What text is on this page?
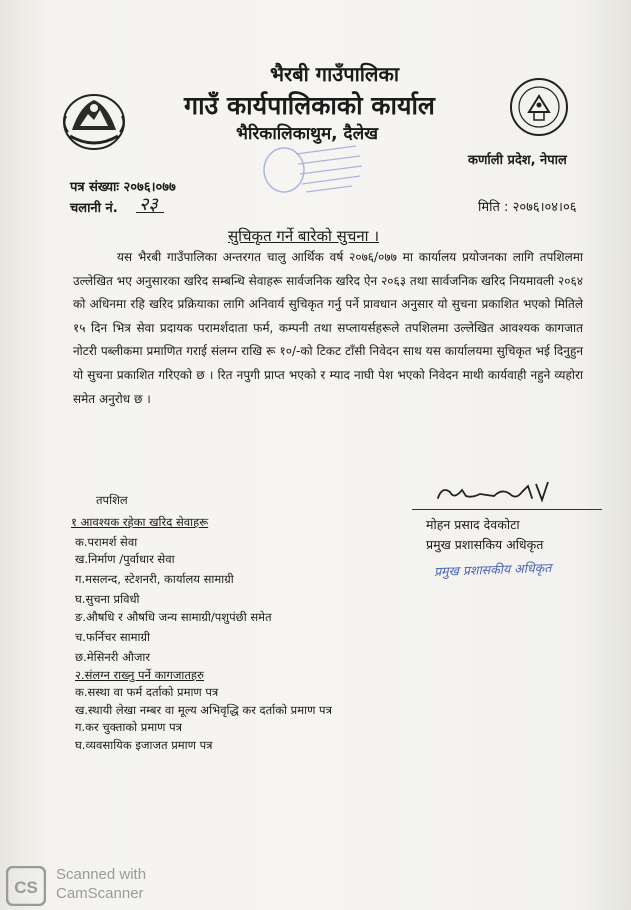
भैरबी गाउँपालिका
गाउँ कार्यपालिकाको कार्याल
भैरिकालिकाथुम, दैलेख
कर्णाली प्रदेश, नेपाल
पत्र संख्याः २०७६।०७७
चलानी नं. २३	मिति : २०७६।०४।०६
सुचिकृत गर्ने बारेको सुचना ।
यस भैरबी गाउँपालिका अन्तरगत चालु आर्थिक वर्ष २०७६/०७७ मा कार्यालय प्रयोजनका लागि तपशिलमा उल्लेखित भए अनुसारका खरिद सम्बन्धि सेवाहरू सार्वजनिक खरिद ऐन २०६३ तथा सार्वजनिक खरिद नियमावली २०६४ को अधिनमा रहि खरिद प्रक्रियाका लागि अनिवार्य सुचिकृत गर्नु पर्ने प्रावधान अनुसार यो सुचना प्रकाशित भएको मितिले १५ दिन भित्र सेवा प्रदायक परामर्शदाता फर्म, कम्पनी तथा सप्लायर्सहरूले तपशिलमा उल्लेखित आवश्यक कागजात नोटरी पब्लीकमा प्रमाणित गराई संलग्न राखि रू १०/-को टिकट टाँसी निवेदन साथ यस कार्यालयमा सुचिकृत भई दिनुहुन यो सुचना प्रकाशित गरिएको छ । रित नपुगी प्राप्त भएको र म्याद नाघी पेश भएको निवेदन माथी कार्यवाही नहुने व्यहोरा समेत अनुरोध छ ।
तपशिल
१ आवश्यक रहेका खरिद सेवाहरू
क.परामर्श सेवा
ख.निर्माण /पुर्वाधार सेवा
ग.मसलन्द, स्टेशनरी, कार्यालय सामाग्री
घ.सुचना प्रविधी
ङ.औषधि र औषधि जन्य सामाग्री/पशुपंछी समेत
च.फर्निचर सामाग्री
छ.मेसिनरी औजार
२.संलग्न राख्नु पर्ने कागजातहरु
क.सस्था वा फर्म दर्ताको प्रमाण पत्र
ख.स्थायी लेखा नम्बर वा मूल्य अभिवृद्धि कर दर्ताको प्रमाण पत्र
ग.कर चुक्ताको प्रमाण पत्र
घ.व्यवसायिक इजाजत प्रमाण पत्र
मोहन प्रसाद देवकोटा
प्रमुख प्रशासकिय अधिकृत
प्रमुख प्रशासकीय अधिकृत
CS
Scanned with
CamScanner
